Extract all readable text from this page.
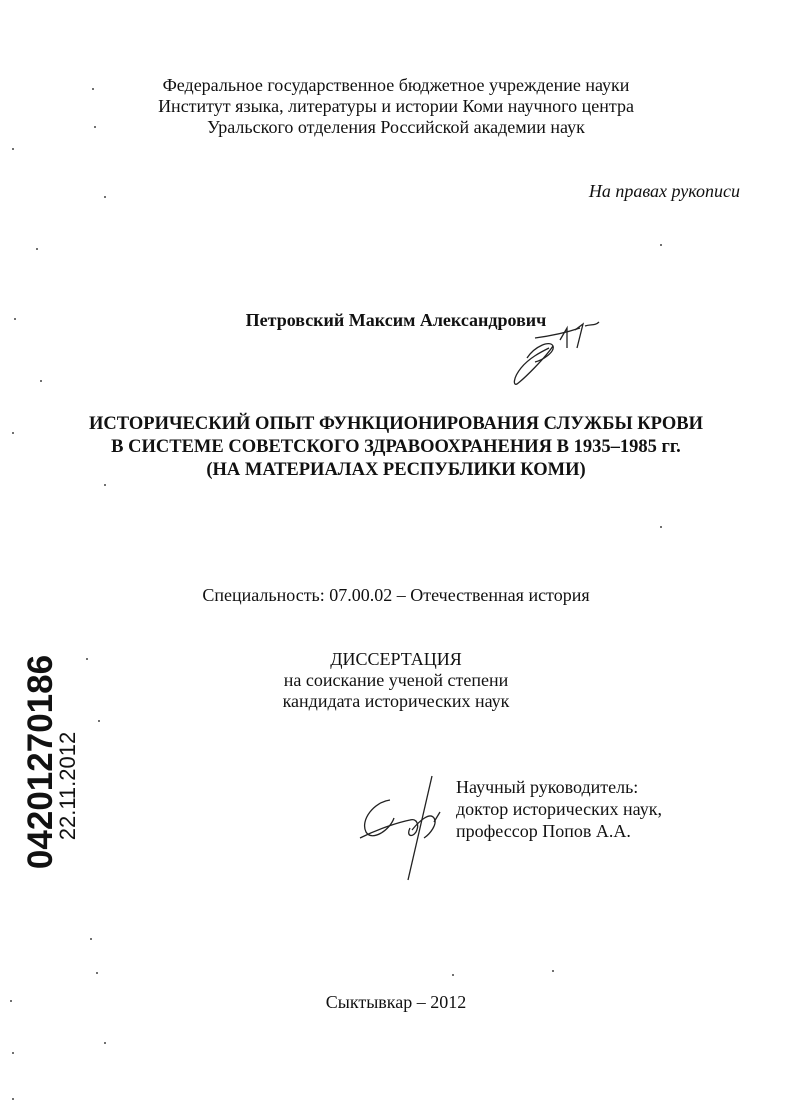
Федеральное государственное бюджетное учреждение науки
Институт языка, литературы и истории Коми научного центра
Уральского отделения Российской академии наук
На правах рукописи
Петровский Максим Александрович
ИСТОРИЧЕСКИЙ ОПЫТ ФУНКЦИОНИРОВАНИЯ СЛУЖБЫ КРОВИ
В СИСТЕМЕ СОВЕТСКОГО ЗДРАВООХРАНЕНИЯ В 1935–1985 гг.
(НА МАТЕРИАЛАХ РЕСПУБЛИКИ КОМИ)
Специальность: 07.00.02 – Отечественная история
ДИССЕРТАЦИЯ
на соискание ученой степени
кандидата исторических наук
Научный руководитель:
доктор исторических наук,
профессор Попов А.А.
Сыктывкар – 2012
04201270186
22.11.2012
